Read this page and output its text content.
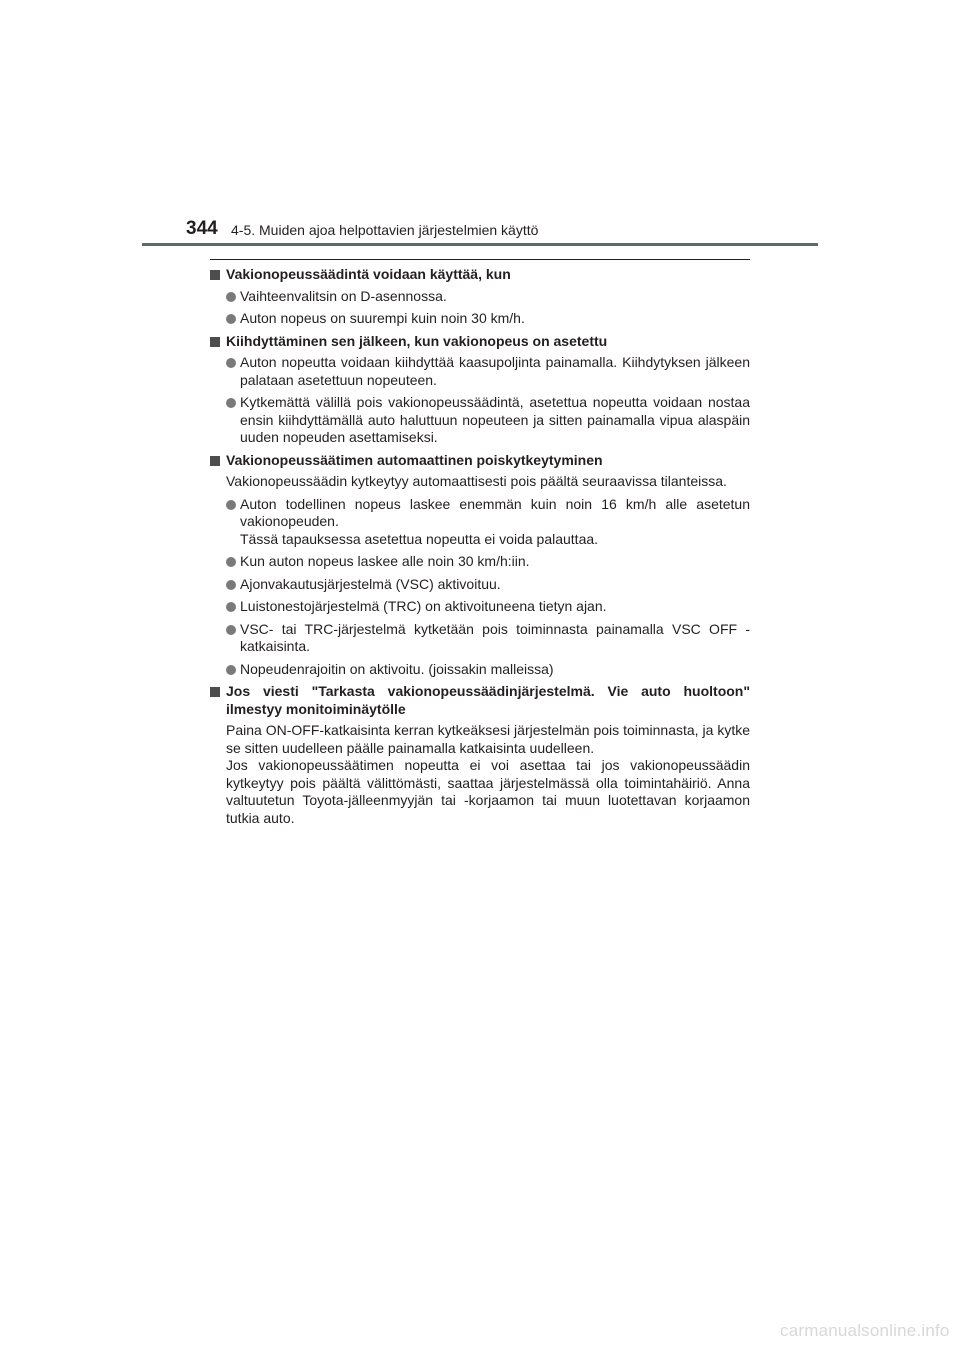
344 4-5. Muiden ajoa helpottavien järjestelmien käyttö
Vakionopeussäädintä voidaan käyttää, kun
Vaihteenvalitsin on D-asennossa.
Auton nopeus on suurempi kuin noin 30 km/h.
Kiihdyttäminen sen jälkeen, kun vakionopeus on asetettu
Auton nopeutta voidaan kiihdyttää kaasupoljinta painamalla. Kiihdytyksen jälkeen palataan asetettuun nopeuteen.
Kytkemättä välillä pois vakionopeussäädintä, asetettua nopeutta voidaan nostaa ensin kiihdyttämällä auto haluttuun nopeuteen ja sitten painamalla vipua alaspäin uuden nopeuden asettamiseksi.
Vakionopeussäätimen automaattinen poiskytkeytyminen
Vakionopeussäädin kytkeytyy automaattisesti pois päältä seuraavissa tilanteissa.
Auton todellinen nopeus laskee enemmän kuin noin 16 km/h alle asetetun vakionopeuden.
Tässä tapauksessa asetettua nopeutta ei voida palauttaa.
Kun auton nopeus laskee alle noin 30 km/h:iin.
Ajonvakautusjärjestelmä (VSC) aktivoituu.
Luistonestojärjestelmä (TRC) on aktivoituneena tietyn ajan.
VSC- tai TRC-järjestelmä kytketään pois toiminnasta painamalla VSC OFF -katkaisinta.
Nopeudenrajoitin on aktivoitu. (joissakin malleissa)
Jos viesti "Tarkasta vakionopeussäädinjärjestelmä. Vie auto huoltoon" ilmestyy monitoiminäytölle
Paina ON-OFF-katkaisinta kerran kytkeäksesi järjestelmän pois toiminnasta, ja kytke se sitten uudelleen päälle painamalla katkaisinta uudelleen.
Jos vakionopeussäätimen nopeutta ei voi asettaa tai jos vakionopeussäädin kytkeytyy pois päältä välittömästi, saattaa järjestelmässä olla toimintahäiriö. Anna valtuutetun Toyota-jälleenmyyjän tai -korjaamon tai muun luotettavan korjaamon tutkia auto.
carmanualsonline.info
